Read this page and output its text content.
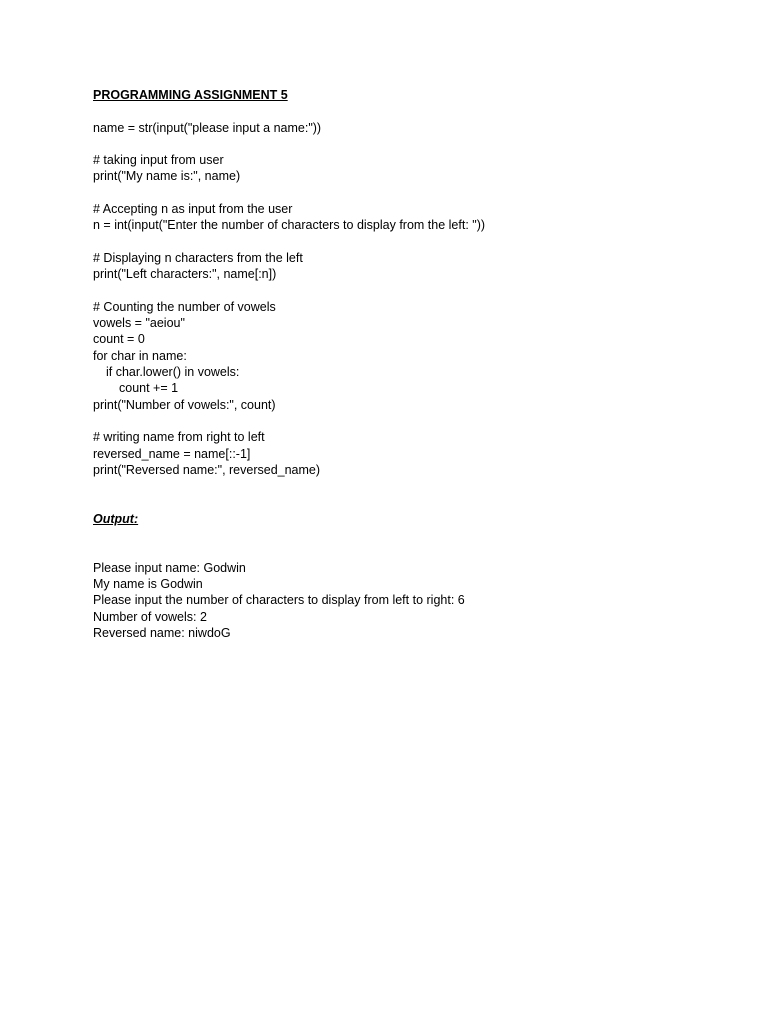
PROGRAMMING ASSIGNMENT 5
name = str(input("please input a name:"))
# taking input from user
print("My name is:", name)
# Accepting n as input from the user
n = int(input("Enter the number of characters to display from the left: "))
# Displaying n characters from the left
print("Left characters:", name[:n])
# Counting the number of vowels
vowels = "aeiou"
count = 0
for char in name:
if char.lower() in vowels:
count += 1
print("Number of vowels:", count)
# writing name from right to left
reversed_name = name[::-1]
print("Reversed name:", reversed_name)
Output:
Please input name: Godwin
My name is Godwin
Please input the number of characters to display from left to right: 6
Number of vowels: 2
Reversed name: niwdoG
